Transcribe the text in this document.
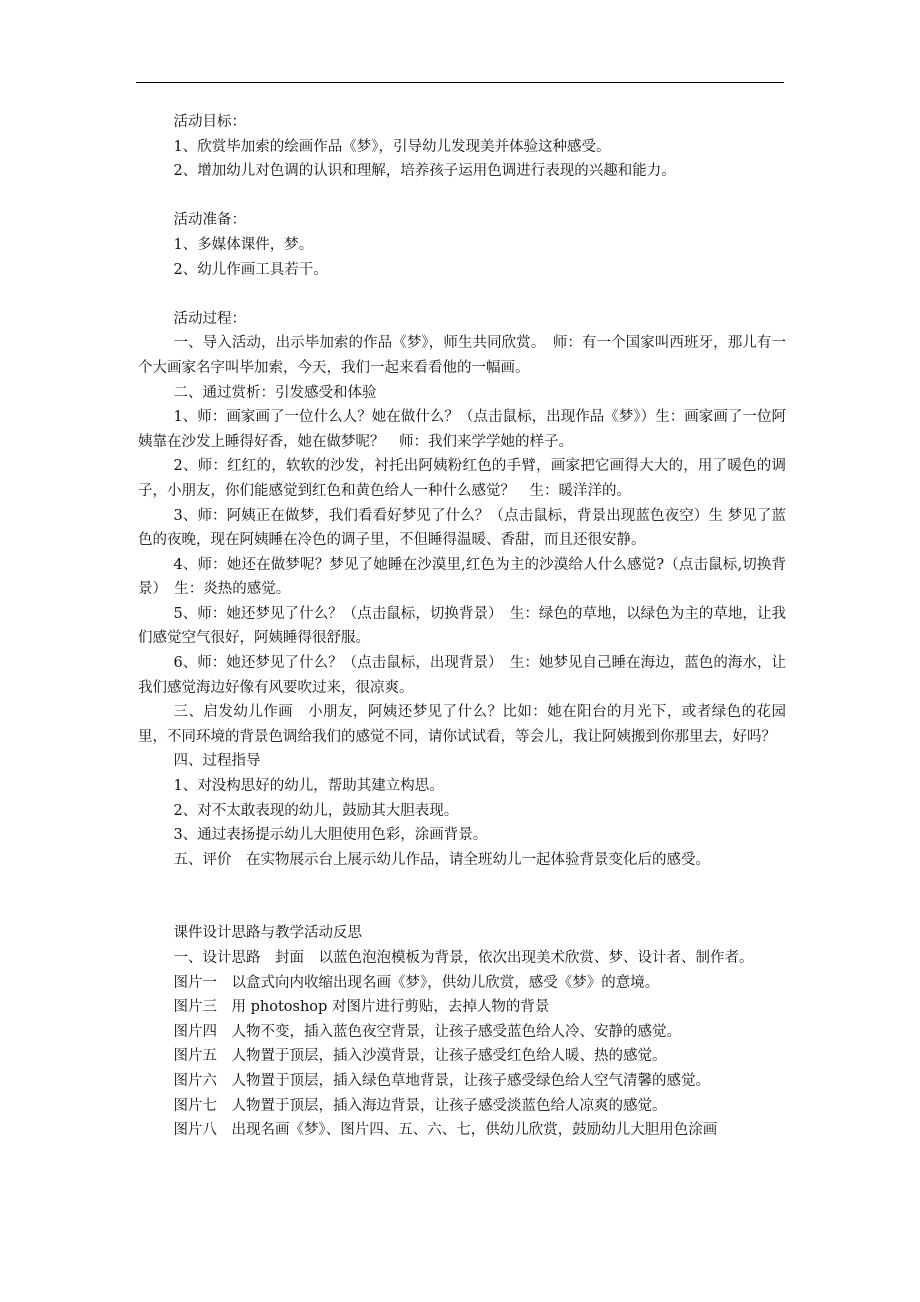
活动目标：

1、欣赏毕加索的绘画作品《梦》，引导幼儿发现美并体验这种感受。

2、增加幼儿对色调的认识和理解，培养孩子运用色调进行表现的兴趣和能力。

活动准备：

1、多媒体课件，梦。

2、幼儿作画工具若干。

活动过程：

一、导入活动，出示毕加索的作品《梦》，师生共同欣赏。　师：有一个国家叫西班牙，那儿有一个大画家名字叫毕加索，今天，我们一起来看看他的一幅画。

二、通过赏析：引发感受和体验

1、师：画家画了一位什么人？她在做什么？（点击鼠标，出现作品《梦》）生：画家画了一位阿姨靠在沙发上睡得好香，她在做梦呢？　师：我们来学学她的样子。

2、师：红红的，软软的沙发，衬托出阿姨粉红色的手臂，画家把它画得大大的，用了暖色的调子，小朋友，你们能感觉到红色和黄色给人一种什么感觉？　生：暖洋洋的。

3、师：阿姨正在做梦，我们看看好梦见了什么？（点击鼠标，背景出现蓝色夜空）生 梦见了蓝色的夜晚，现在阿姨睡在冷色的调子里，不但睡得温暖、香甜，而且还很安静。

4、师：她还在做梦呢？梦见了她睡在沙漠里,红色为主的沙漠给人什么感觉?（点击鼠标,切换背景）　生：炎热的感觉。

5、师：她还梦见了什么？（点击鼠标，切换背景）　生：绿色的草地，以绿色为主的草地，让我们感觉空气很好，阿姨睡得很舒服。

6、师：她还梦见了什么？（点击鼠标，出现背景）　生：她梦见自己睡在海边，蓝色的海水，让我们感觉海边好像有风要吹过来，很凉爽。

三、启发幼儿作画　小朋友，阿姨还梦见了什么？比如：她在阳台的月光下，或者绿色的花园里，不同环境的背景色调给我们的感觉不同，请你试试看，等会儿，我让阿姨搬到你那里去，好吗？

四、过程指导

1、对没构思好的幼儿，帮助其建立构思。

2、对不太敢表现的幼儿，鼓励其大胆表现。

3、通过表扬提示幼儿大胆使用色彩，涂画背景。

五、评价　在实物展示台上展示幼儿作品，请全班幼儿一起体验背景变化后的感受。

课件设计思路与教学活动反思

一、设计思路　封面　以蓝色泡泡模板为背景，依次出现美术欣赏、梦、设计者、制作者。

图片一　以盒式向内收缩出现名画《梦》，供幼儿欣赏，感受《梦》的意境。

图片三　用 photoshop 对图片进行剪贴，去掉人物的背景

图片四　人物不变，插入蓝色夜空背景，让孩子感受蓝色给人冷、安静的感觉。

图片五　人物置于顶层，插入沙漠背景，让孩子感受红色给人暖、热的感觉。

图片六　人物置于顶层，插入绿色草地背景，让孩子感受绿色给人空气清馨的感觉。

图片七　人物置于顶层，插入海边背景，让孩子感受淡蓝色给人凉爽的感觉。

图片八　出现名画《梦》、图片四、五、六、七，供幼儿欣赏，鼓励幼儿大胆用色涂画
